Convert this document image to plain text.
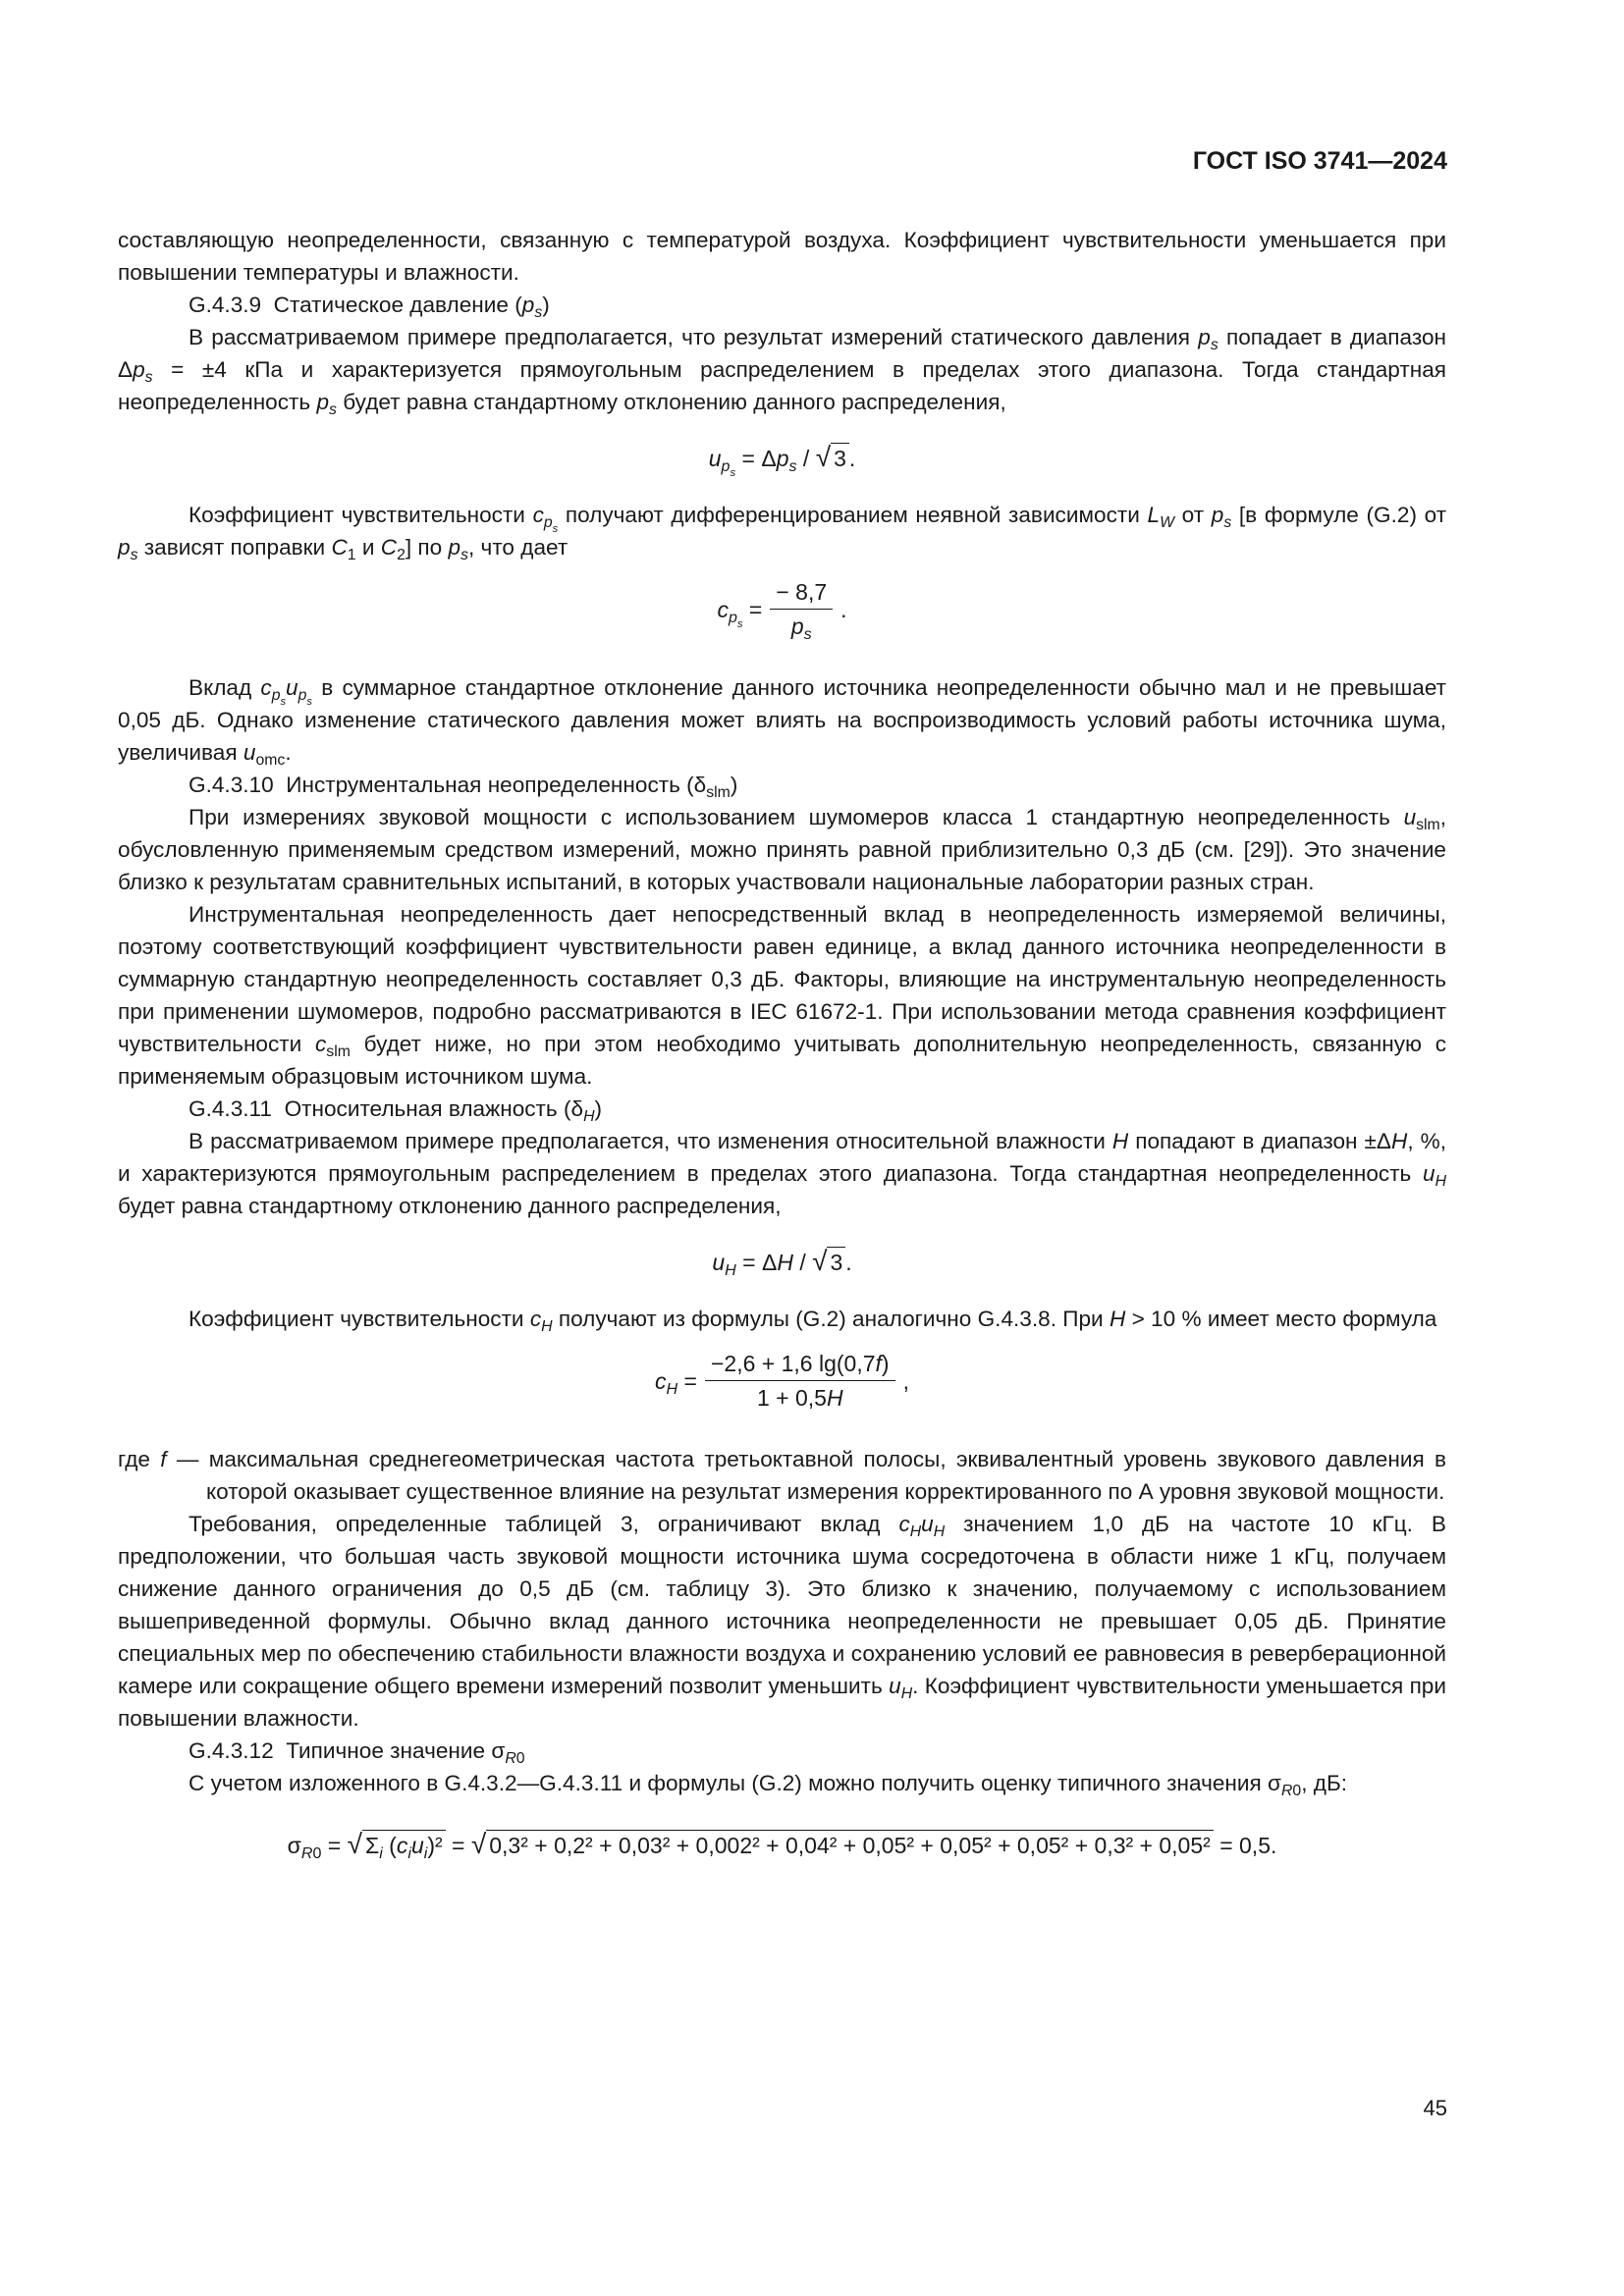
ГОСТ ISO 3741—2024

составляющую неопределенности, связанную с температурой воздуха. Коэффициент чувствительности уменьшается при повышении температуры и влажности.

G.4.3.9 Статическое давление $(p_s)$

В рассматриваемом примере предполагается, что результат измерений статического давления $p_s$ попадает в диапазон $\Delta p_s = \pm 4$ кПа и характеризуется прямоугольным распределением в пределах этого диапазона. Тогда стандартная неопределенность $p_s$ будет равна стандартному отклонению данного распределения,

$u_{p_s} = \Delta p_s$ / √ 3 .

Коэффициент чувствительности $c_{p_s}$ получают дифференцированием неявной зависимости $L_W$ от $p_s$ [в формуле (G.2) от $p_s$ зависят поправки $C_1$ и $C_2$] по $p_s$, что дает

$c_{p_s} = \frac{- 8,7}{p_s}$ .

Вклад $c_{p_s}u_{p_s}$ в суммарное стандартное отклонение данного источника неопределенности обычно мал и не превышает 0,05 дБ. Однако изменение статического давления может влиять на воспроизводимость условий работы источника шума, увеличивая $u_{omc}$.

G.4.3.10 Инструментальная неопределенность $(\delta_{slm})$

При измерениях звуковой мощности с использованием шумомеров класса 1 стандартную неопределенность $u_{slm}$, обусловленную применяемым средством измерений, можно принять равной приблизительно 0,3 дБ (см. [29]). Это значение близко к результатам сравнительных испытаний, в которых участвовали национальные лаборатории разных стран.

Инструментальная неопределенность дает непосредственный вклад в неопределенность измеряемой величины, поэтому соответствующий коэффициент чувствительности равен единице, а вклад данного источника неопределенности в суммарную стандартную неопределенность составляет 0,3 дБ. Факторы, влияющие на инструментальную неопределенность при применении шумомеров, подробно рассматриваются в IEC 61672-1. При использовании метода сравнения коэффициент чувствительности $c_{slm}$ будет ниже, но при этом необходимо учитывать дополнительную неопределенность, связанную с применяемым образцовым источником шума.

G.4.3.11 Относительная влажность $(\delta_H)$

В рассматриваемом примере предполагается, что изменения относительной влажности H попадают в диапазон ±ΔH, %, и характеризуются прямоугольным распределением в пределах этого диапазона. Тогда стандартная неопределенность $u_H$ будет равна стандартному отклонению данного распределения,

$u_H = \Delta H$ / √ 3 .

Коэффициент чувствительности $c_H$ получают из формулы (G.2) аналогично G.4.3.8. При H > 10 % имеет место формула

$c_H = \frac{-2,6 + 1,6 \lg(0,7f)}{1 + 0,5H}$ ,

где f — максимальная среднегеометрическая частота третьоктавной полосы, эквивалентный уровень звукового давления в которой оказывает существенное влияние на результат измерения корректированного по А уровня звуковой мощности.

Требования, определенные таблицей 3, ограничивают вклад $c_Hu_H$ значением 1,0 дБ на частоте 10 кГц. В предположении, что большая часть звуковой мощности источника шума сосредоточена в области ниже 1 кГц, получаем снижение данного ограничения до 0,5 дБ (см. таблицу 3). Это близко к значению, получаемому с использованием вышеприведенной формулы. Обычно вклад данного источника неопределенности не превышает 0,05 дБ. Принятие специальных мер по обеспечению стабильности влажности воздуха и сохранению условий ее равновесия в реверберационной камере или сокращение общего времени измерений позволит уменьшить $u_H$. Коэффициент чувствительности уменьшается при повышении влажности.

G.4.3.12 Типичное значение $\sigma_{R0}$

С учетом изложенного в G.4.3.2—G.4.3.11 и формулы (G.2) можно получить оценку типичного значения $\sigma_{R0}$, дБ:

$\sigma_{R0}$ = √ $\Sigma_i$ $(c_iu_i)^2$ = √ 0,3² + 0,2² + 0,03² + 0,002² + 0,04² + 0,05² + 0,05² + 0,05² + 0,3² + 0,05² = 0,5.
45
